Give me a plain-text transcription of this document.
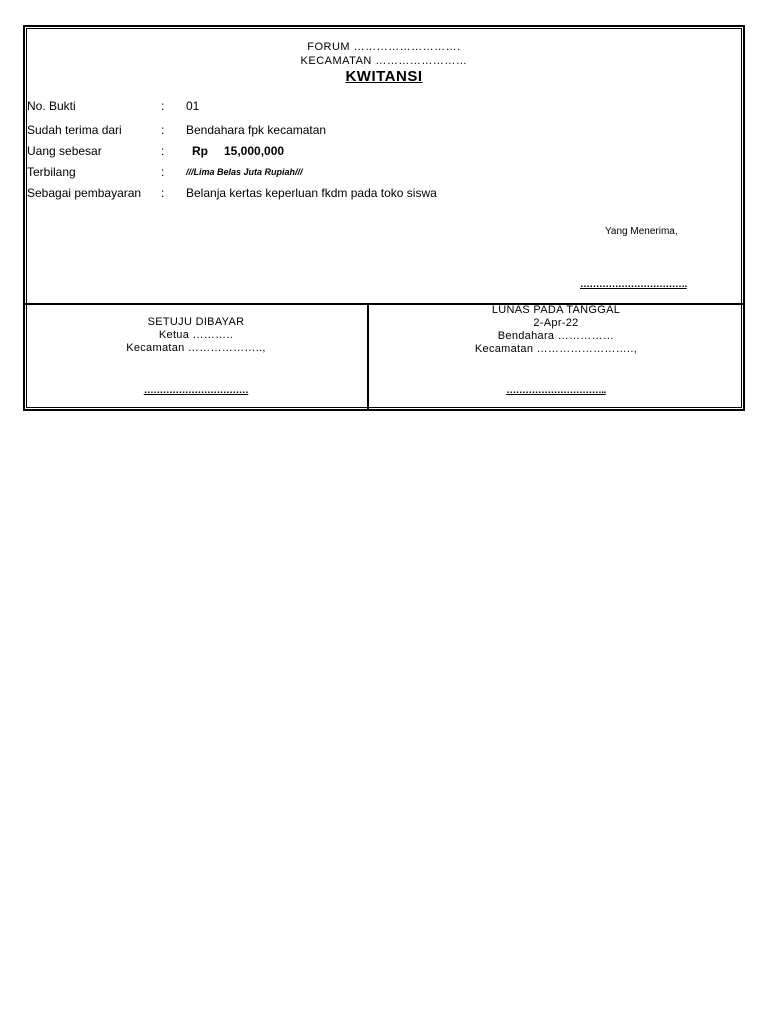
FORUM ……………………….
KECAMATAN ……………………
KWITANSI
No. Bukti	: 01
Sudah terima dari	: Bendahara fpk kecamatan
Uang sebesar	:	Rp 15,000,000
Terbilang	: ///Lima Belas Juta Rupiah///
Sebagai pembayaran : Belanja kertas keperluan fkdm pada toko siswa
Yang Menerima,
…………………………….
SETUJU DIBAYAR
Ketua ………..
Kecamatan ………………..,
……………………………
LUNAS PADA TANGGAL
2-Apr-22
Bendahara ……………
Kecamatan ……………………..,
…………………………..
